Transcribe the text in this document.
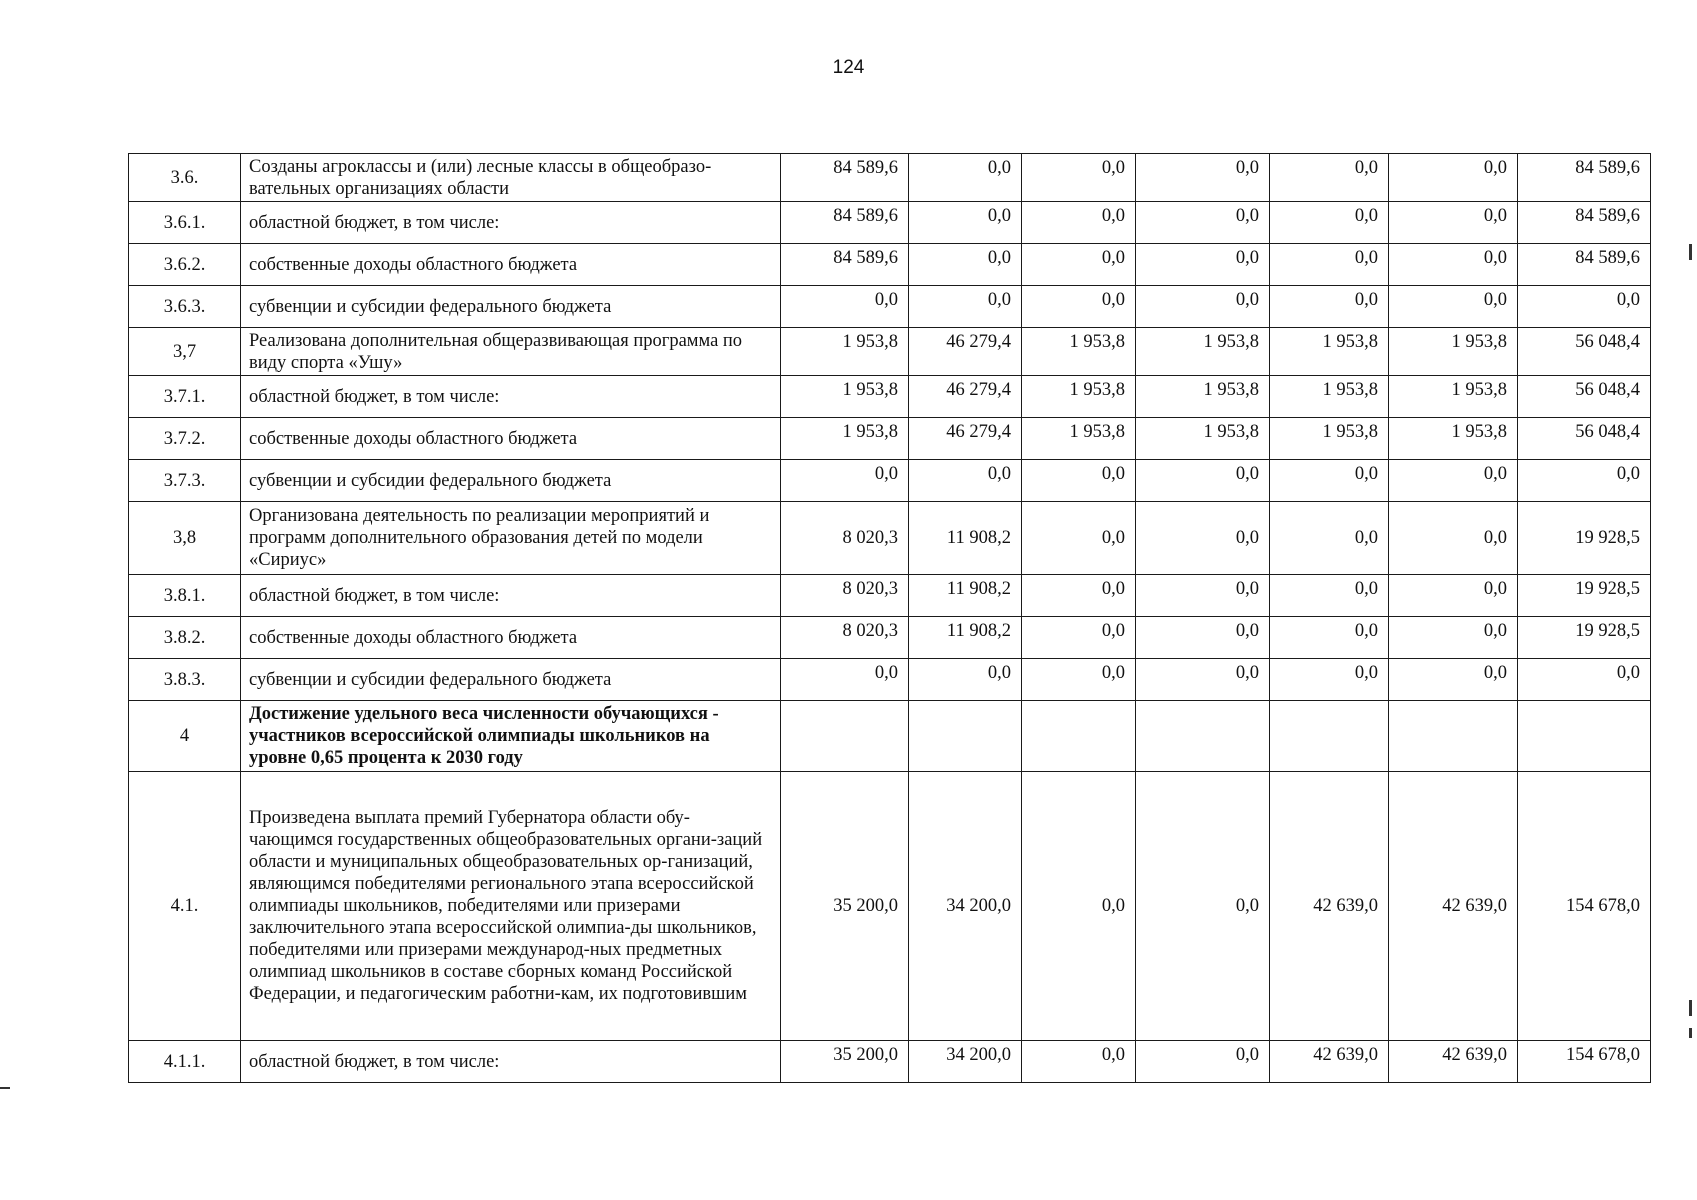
124
3.6.	Созданы агроклассы и (или) лесные классы в общеобразо-вательных организациях области	84 589,6	0,0	0,0	0,0	0,0	0,0	84 589,6
3.6.1.	областной бюджет, в том числе:	84 589,6	0,0	0,0	0,0	0,0	0,0	84 589,6
3.6.2.	собственные доходы областного бюджета	84 589,6	0,0	0,0	0,0	0,0	0,0	84 589,6
3.6.3.	субвенции и субсидии федерального бюджета	0,0	0,0	0,0	0,0	0,0	0,0	0,0
3,7	Реализована дополнительная общеразвивающая программа по виду спорта «Ушу»	1 953,8	46 279,4	1 953,8	1 953,8	1 953,8	1 953,8	56 048,4
3.7.1.	областной бюджет, в том числе:	1 953,8	46 279,4	1 953,8	1 953,8	1 953,8	1 953,8	56 048,4
3.7.2.	собственные доходы областного бюджета	1 953,8	46 279,4	1 953,8	1 953,8	1 953,8	1 953,8	56 048,4
3.7.3.	субвенции и субсидии федерального бюджета	0,0	0,0	0,0	0,0	0,0	0,0	0,0
3,8	Организована деятельность по реализации мероприятий и программ дополнительного образования детей по модели «Сириус»	8 020,3	11 908,2	0,0	0,0	0,0	0,0	19 928,5
3.8.1.	областной бюджет, в том числе:	8 020,3	11 908,2	0,0	0,0	0,0	0,0	19 928,5
3.8.2.	собственные доходы областного бюджета	8 020,3	11 908,2	0,0	0,0	0,0	0,0	19 928,5
3.8.3.	субвенции и субсидии федерального бюджета	0,0	0,0	0,0	0,0	0,0	0,0	0,0
4	Достижение удельного веса численности обучающихся - участников всероссийской олимпиады школьников на уровне 0,65 процента к 2030 году							
4.1.	Произведена выплата премий Губернатора области обу-чающимся государственных общеобразовательных органи-заций области и муниципальных общеобразовательных ор-ганизаций, являющимся победителями регионального этапа всероссийской олимпиады школьников, победителями или призерами заключительного этапа всероссийской олимпиа-ды школьников, победителями или призерами международ-ных предметных олимпиад школьников в составе сборных команд Российской Федерации, и педагогическим работни-кам, их подготовившим	35 200,0	34 200,0	0,0	0,0	42 639,0	42 639,0	154 678,0
4.1.1.	областной бюджет, в том числе:	35 200,0	34 200,0	0,0	0,0	42 639,0	42 639,0	154 678,0
